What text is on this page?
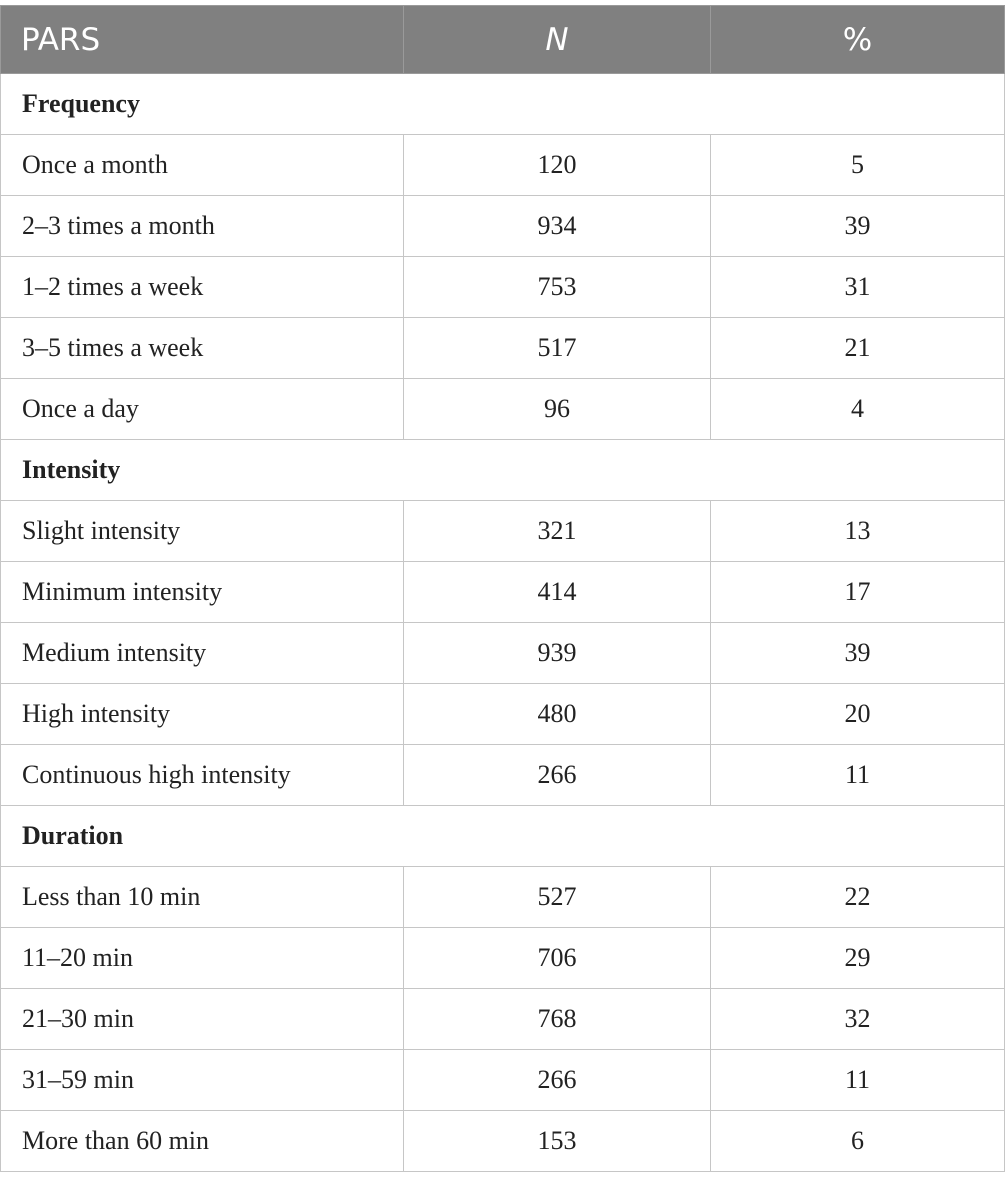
PARS	N	%
Frequency		
Once a month	120	5
2–3 times a month	934	39
1–2 times a week	753	31
3–5 times a week	517	21
Once a day	96	4
Intensity		
Slight intensity	321	13
Minimum intensity	414	17
Medium intensity	939	39
High intensity	480	20
Continuous high intensity	266	11
Duration		
Less than 10 min	527	22
11–20 min	706	29
21–30 min	768	32
31–59 min	266	11
More than 60 min	153	6
